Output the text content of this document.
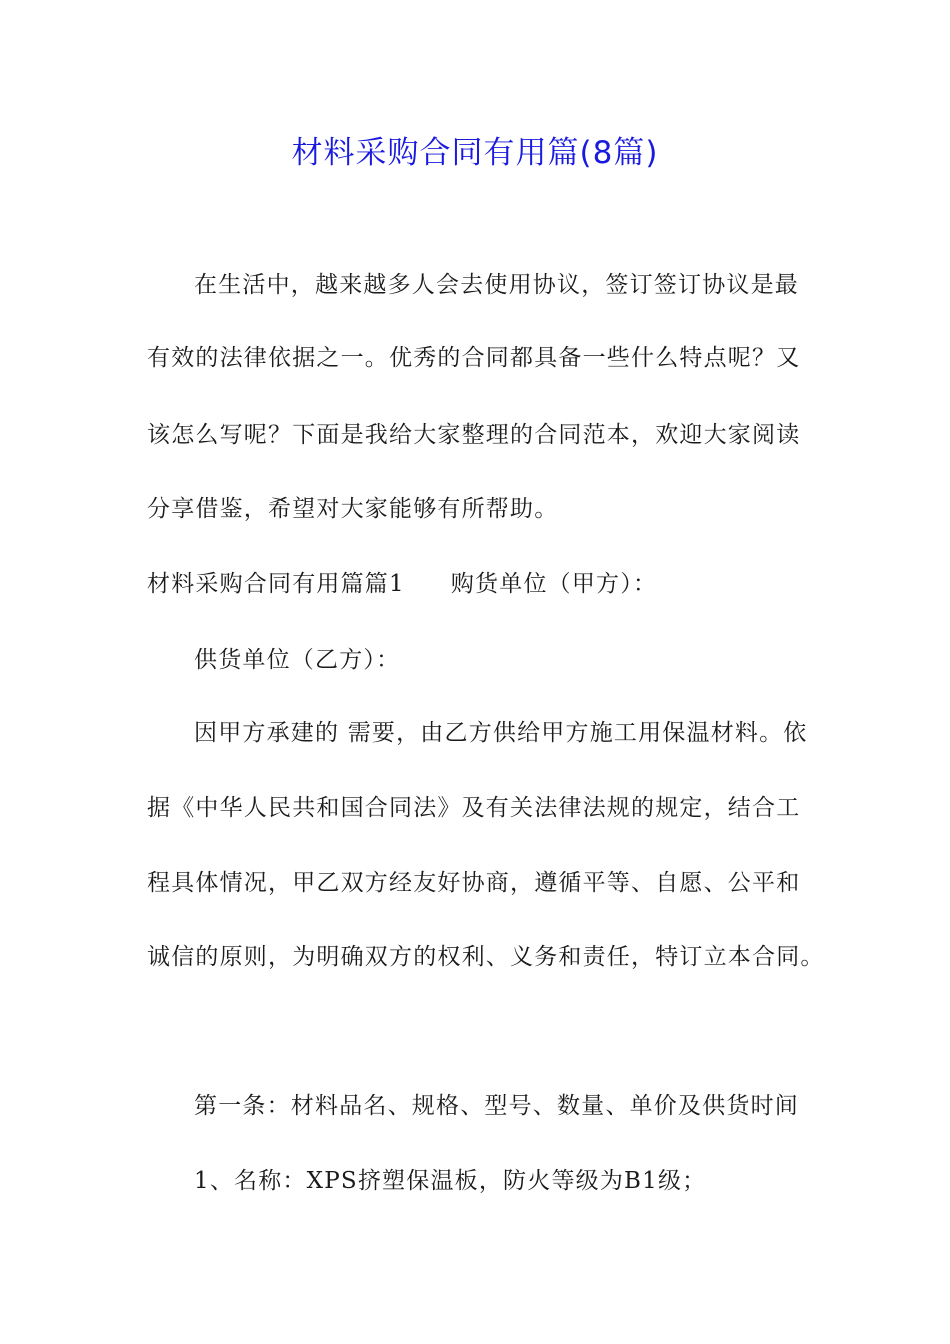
材料采购合同有用篇(8篇)
在生活中，越来越多人会去使用协议，签订签订协议是最
有效的法律依据之一。优秀的合同都具备一些什么特点呢？又
该怎么写呢？下面是我给大家整理的合同范本，欢迎大家阅读
分享借鉴，希望对大家能够有所帮助。
材料采购合同有用篇篇1 购货单位（甲方）：
供货单位（乙方）：
因甲方承建的 需要，由乙方供给甲方施工用保温材料。依
据《中华人民共和国合同法》及有关法律法规的规定，结合工
程具体情况，甲乙双方经友好协商，遵循平等、自愿、公平和
诚信的原则，为明确双方的权利、义务和责任，特订立本合同。
第一条：材料品名、规格、型号、数量、单价及供货时间
1、名称：XPS挤塑保温板，防火等级为B1级；
